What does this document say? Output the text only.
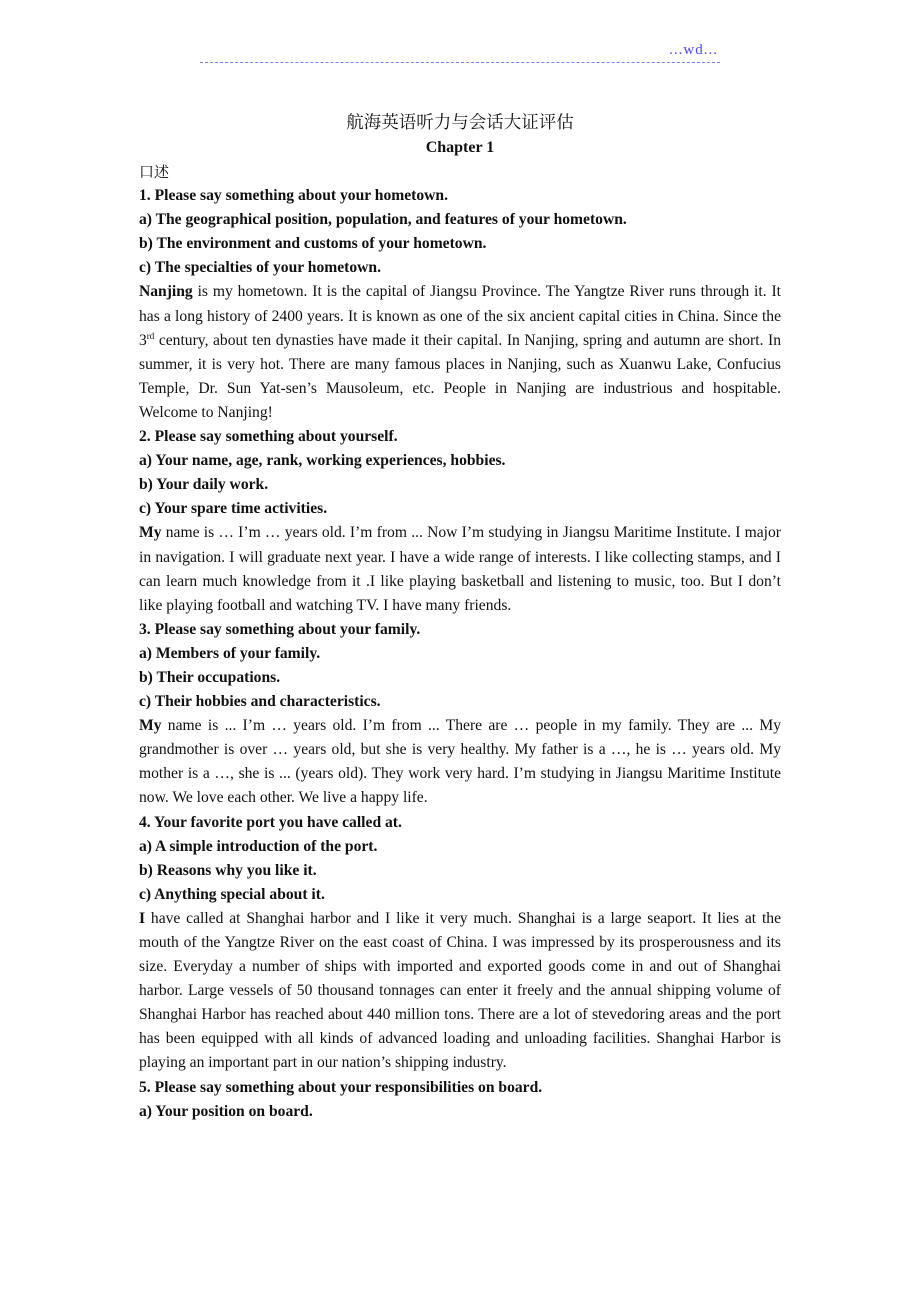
...wd...
航海英语听力与会话大证评估
Chapter 1
口述
1. Please say something about your hometown.
a) The geographical position, population, and features of your hometown.
b) The environment and customs of your hometown.
c) The specialties of your hometown.
Nanjing is my hometown. It is the capital of Jiangsu Province. The Yangtze River runs through it. It has a long history of 2400 years. It is known as one of the six ancient capital cities in China. Since the 3rd century, about ten dynasties have made it their capital. In Nanjing, spring and autumn are short. In summer, it is very hot. There are many famous places in Nanjing, such as Xuanwu Lake, Confucius Temple, Dr. Sun Yat-sen’s Mausoleum, etc. People in Nanjing are industrious and hospitable. Welcome to Nanjing!
2. Please say something about yourself.
a) Your name, age, rank, working experiences, hobbies.
b) Your daily work.
c) Your spare time activities.
My name is … I’m … years old. I’m from ... Now I’m studying in Jiangsu Maritime Institute. I major in navigation. I will graduate next year. I have a wide range of interests. I like collecting stamps, and I can learn much knowledge from it .I like playing basketball and listening to music, too. But I don’t like playing football and watching TV. I have many friends.
3. Please say something about your family.
a) Members of your family.
b) Their occupations.
c) Their hobbies and characteristics.
My name is ... I’m … years old. I’m from ... There are … people in my family. They are ... My grandmother is over … years old, but she is very healthy. My father is a …, he is … years old. My mother is a …, she is ... (years old). They work very hard. I’m studying in Jiangsu Maritime Institute now. We love each other. We live a happy life.
4. Your favorite port you have called at.
a) A simple introduction of the port.
b) Reasons why you like it.
c) Anything special about it.
I have called at Shanghai harbor and I like it very much. Shanghai is a large seaport. It lies at the mouth of the Yangtze River on the east coast of China. I was impressed by its prosperousness and its size. Everyday a number of ships with imported and exported goods come in and out of Shanghai harbor. Large vessels of 50 thousand tonnages can enter it freely and the annual shipping volume of Shanghai Harbor has reached about 440 million tons. There are a lot of stevedoring areas and the port has been equipped with all kinds of advanced loading and unloading facilities. Shanghai Harbor is playing an important part in our nation’s shipping industry.
5. Please say something about your responsibilities on board.
a) Your position on board.
